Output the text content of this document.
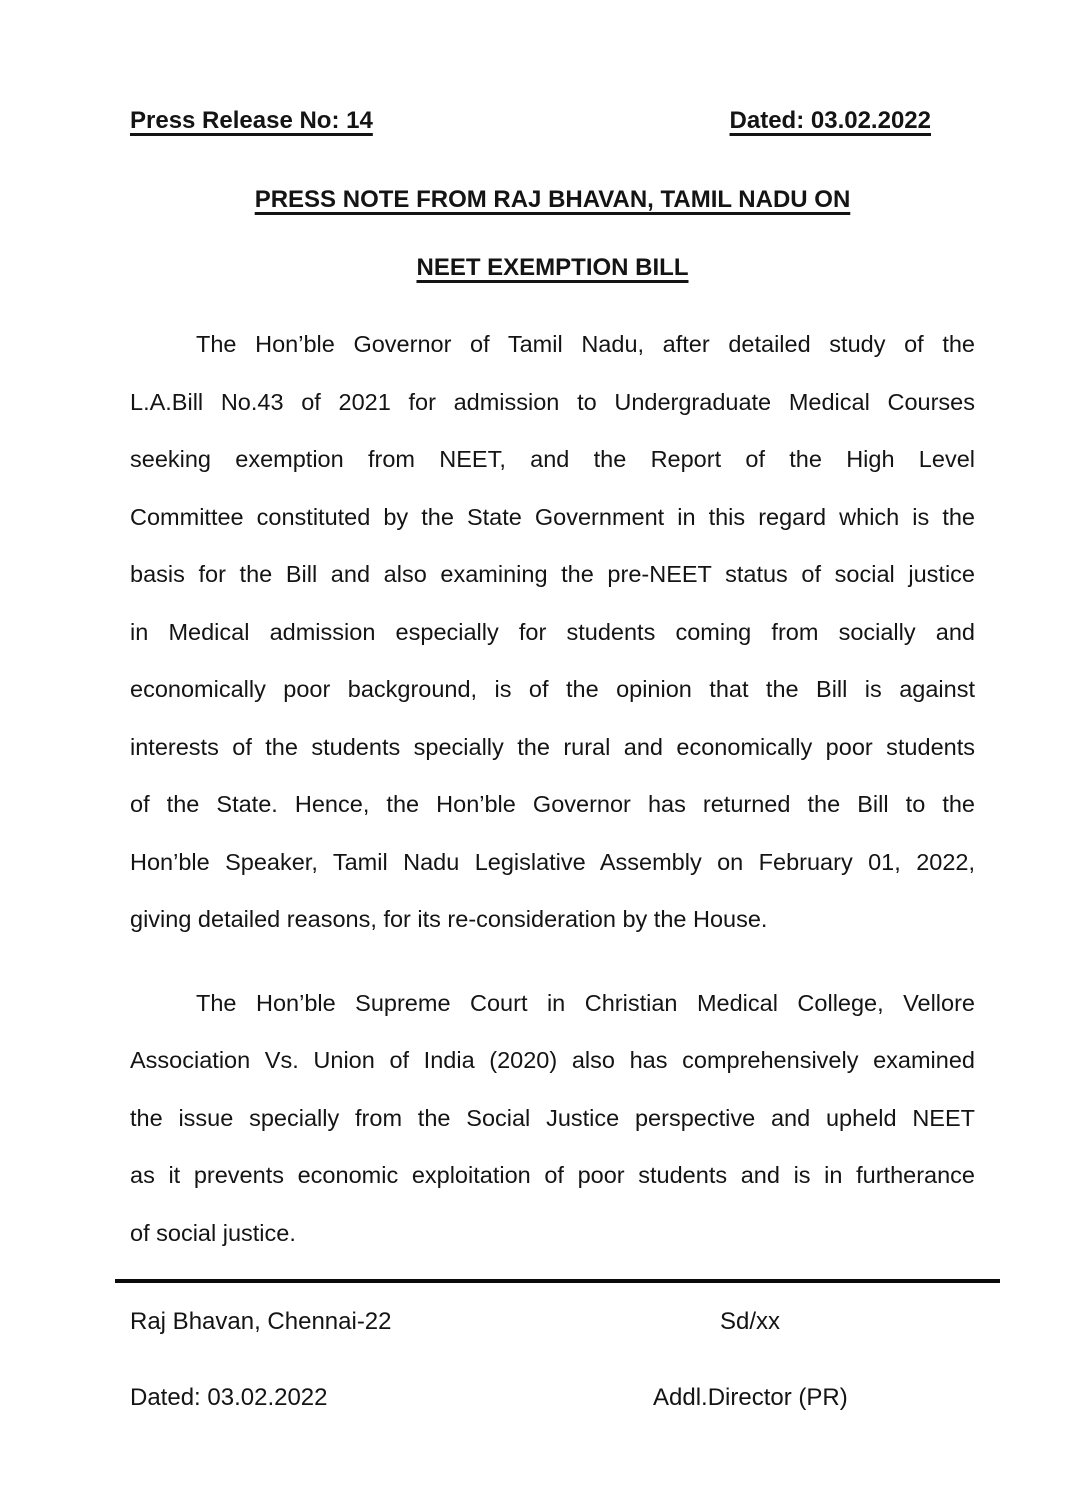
Press Release No: 14	Dated: 03.02.2022
PRESS NOTE FROM RAJ BHAVAN, TAMIL NADU ON
NEET EXEMPTION BILL
The Hon’ble Governor of Tamil Nadu, after detailed study of the
L.A.Bill No.43 of 2021 for admission to Undergraduate Medical Courses
seeking exemption from NEET, and the Report of the High Level
Committee constituted by the State Government in this regard which is the
basis for the Bill and also examining the pre-NEET status of social justice
in Medical admission especially for students coming from socially and
economically poor background, is of the opinion that the Bill is against
interests of the students specially the rural and economically poor students
of the State. Hence, the Hon’ble Governor has returned the Bill to the
Hon’ble Speaker, Tamil Nadu Legislative Assembly on February 01, 2022,
giving detailed reasons, for its re-consideration by the House.
The Hon’ble Supreme Court in Christian Medical College, Vellore
Association Vs. Union of India (2020) also has comprehensively examined
the issue specially from the Social Justice perspective and upheld NEET
as it prevents economic exploitation of poor students and is in furtherance
of social justice.
Raj Bhavan, Chennai-22	Sd/xx
Dated: 03.02.2022	Addl.Director (PR)
